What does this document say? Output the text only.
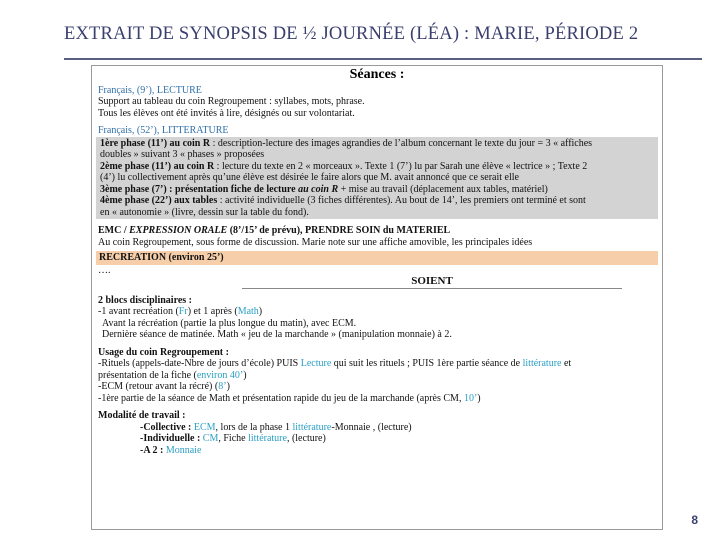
EXTRAIT DE SYNOPSIS DE ½ JOURNÉE (LÉA) : MARIE, PÉRIODE 2
Séances :
Français, (9’), LECTURE
Support au tableau du coin Regroupement : syllabes, mots, phrase.
Tous les élèves ont été invités à lire, désignés ou sur volontariat.
Français, (52’), LITTERATURE
1ère phase (11’) au coin R : description-lecture des images agrandies de l’album concernant le texte du jour = 3 « affiches
doubles » suivant 3 « phases » proposées
2ème phase (11’) au coin R : lecture du texte en 2 « morceaux ». Texte 1 (7’) lu par Sarah une élève « lectrice » ; Texte 2
(4’) lu collectivement après qu’une élève est désirée le faire alors que M. avait annoncé que ce serait elle
3ème phase (7’) : présentation fiche de lecture au coin R + mise au travail (déplacement aux tables, matériel)
4ème phase (22’) aux tables : activité individuelle (3 fiches différentes). Au bout de 14’, les premiers ont terminé et sont
en « autonomie » (livre, dessin sur la table du fond).
EMC / EXPRESSION ORALE (8’/15’ de prévu), PRENDRE SOIN du MATERIEL
Au coin Regroupement, sous forme de discussion. Marie note sur une affiche amovible, les principales idées
RECREATION (environ 25’)
….
SOIENT
2 blocs disciplinaires :
-1 avant recréation (Fr) et 1 après (Math)
Avant la récréation (partie la plus longue du matin), avec ECM.
Dernière séance de matinée. Math « jeu de la marchande » (manipulation monnaie) à 2.
Usage du coin Regroupement :
-Rituels (appels-date-Nbre de jours d’école) PUIS Lecture qui suit les rituels ; PUIS 1ère partie séance de littérature et
présentation de la fiche (environ 40’)
-ECM (retour avant la récré) (8’)
-1ère partie de la séance de Math et présentation rapide du jeu de la marchande (après CM, 10’)
Modalité de travail :
-Collective : ECM, lors de la phase 1 littérature-Monnaie , (lecture)
-Individuelle : CM, Fiche littérature, (lecture)
-A 2 : Monnaie
8
